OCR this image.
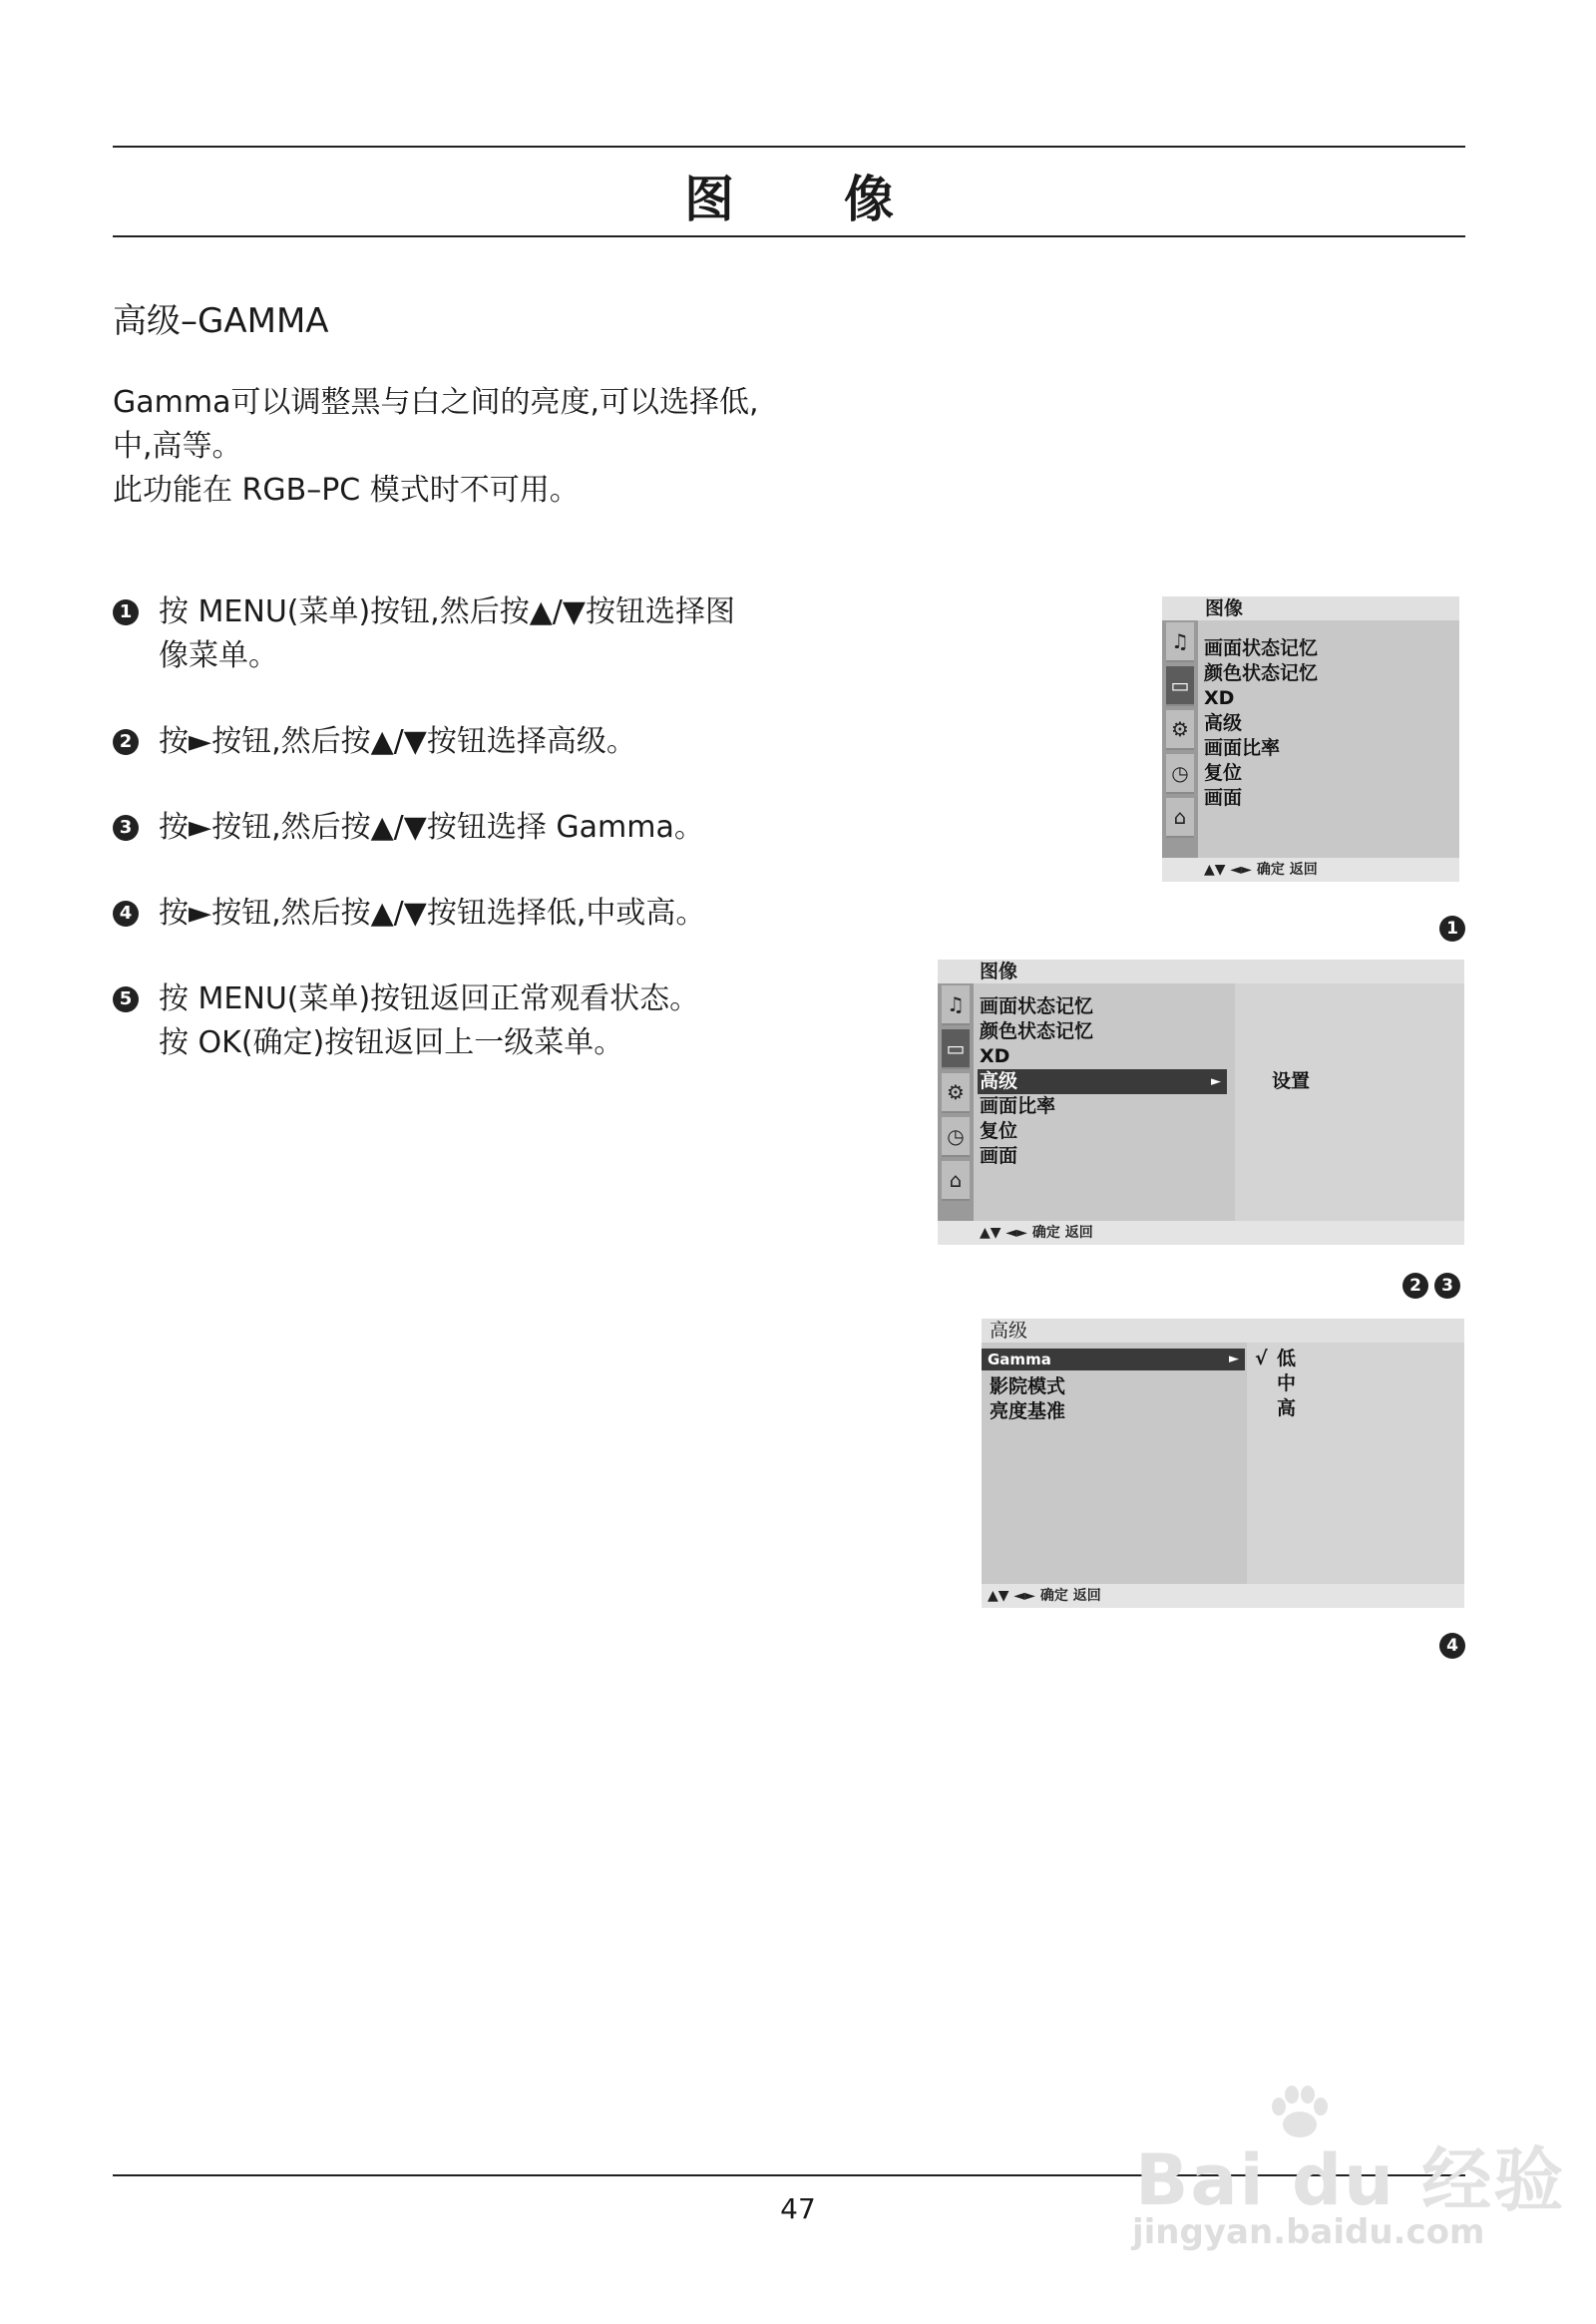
图像
高级–GAMMA
Gamma可以调整黑与白之间的亮度,可以选择低,
中,高等。
此功能在 RGB–PC 模式时不可用。
1 按 MENU(菜单)按钮,然后按▲/▼按钮选择图
像菜单。
2 按►按钮,然后按▲/▼按钮选择高级。
3 按►按钮,然后按▲/▼按钮选择 Gamma。
4 按►按钮,然后按▲/▼按钮选择低,中或高。
5 按 MENU(菜单)按钮返回正常观看状态。
按 OK(确定)按钮返回上一级菜单。
图像
♫
▭
⚙
◷
⌂
画面状态记忆
颜色状态记忆
XD
高级
画面比率
复位
画面
▲▼ ◄► 确定 返回
1
图像
♫
▭
⚙
◷
⌂
画面状态记忆
颜色状态记忆
XD
高级	►	设置
画面比率
复位
画面
▲▼ ◄► 确定 返回
2	3
高级
Gamma	► √ 低
中
高
影院模式
亮度基准
▲▼ ◄► 确定 返回
4
47	Bai du 经验
jingyan.baidu.com
